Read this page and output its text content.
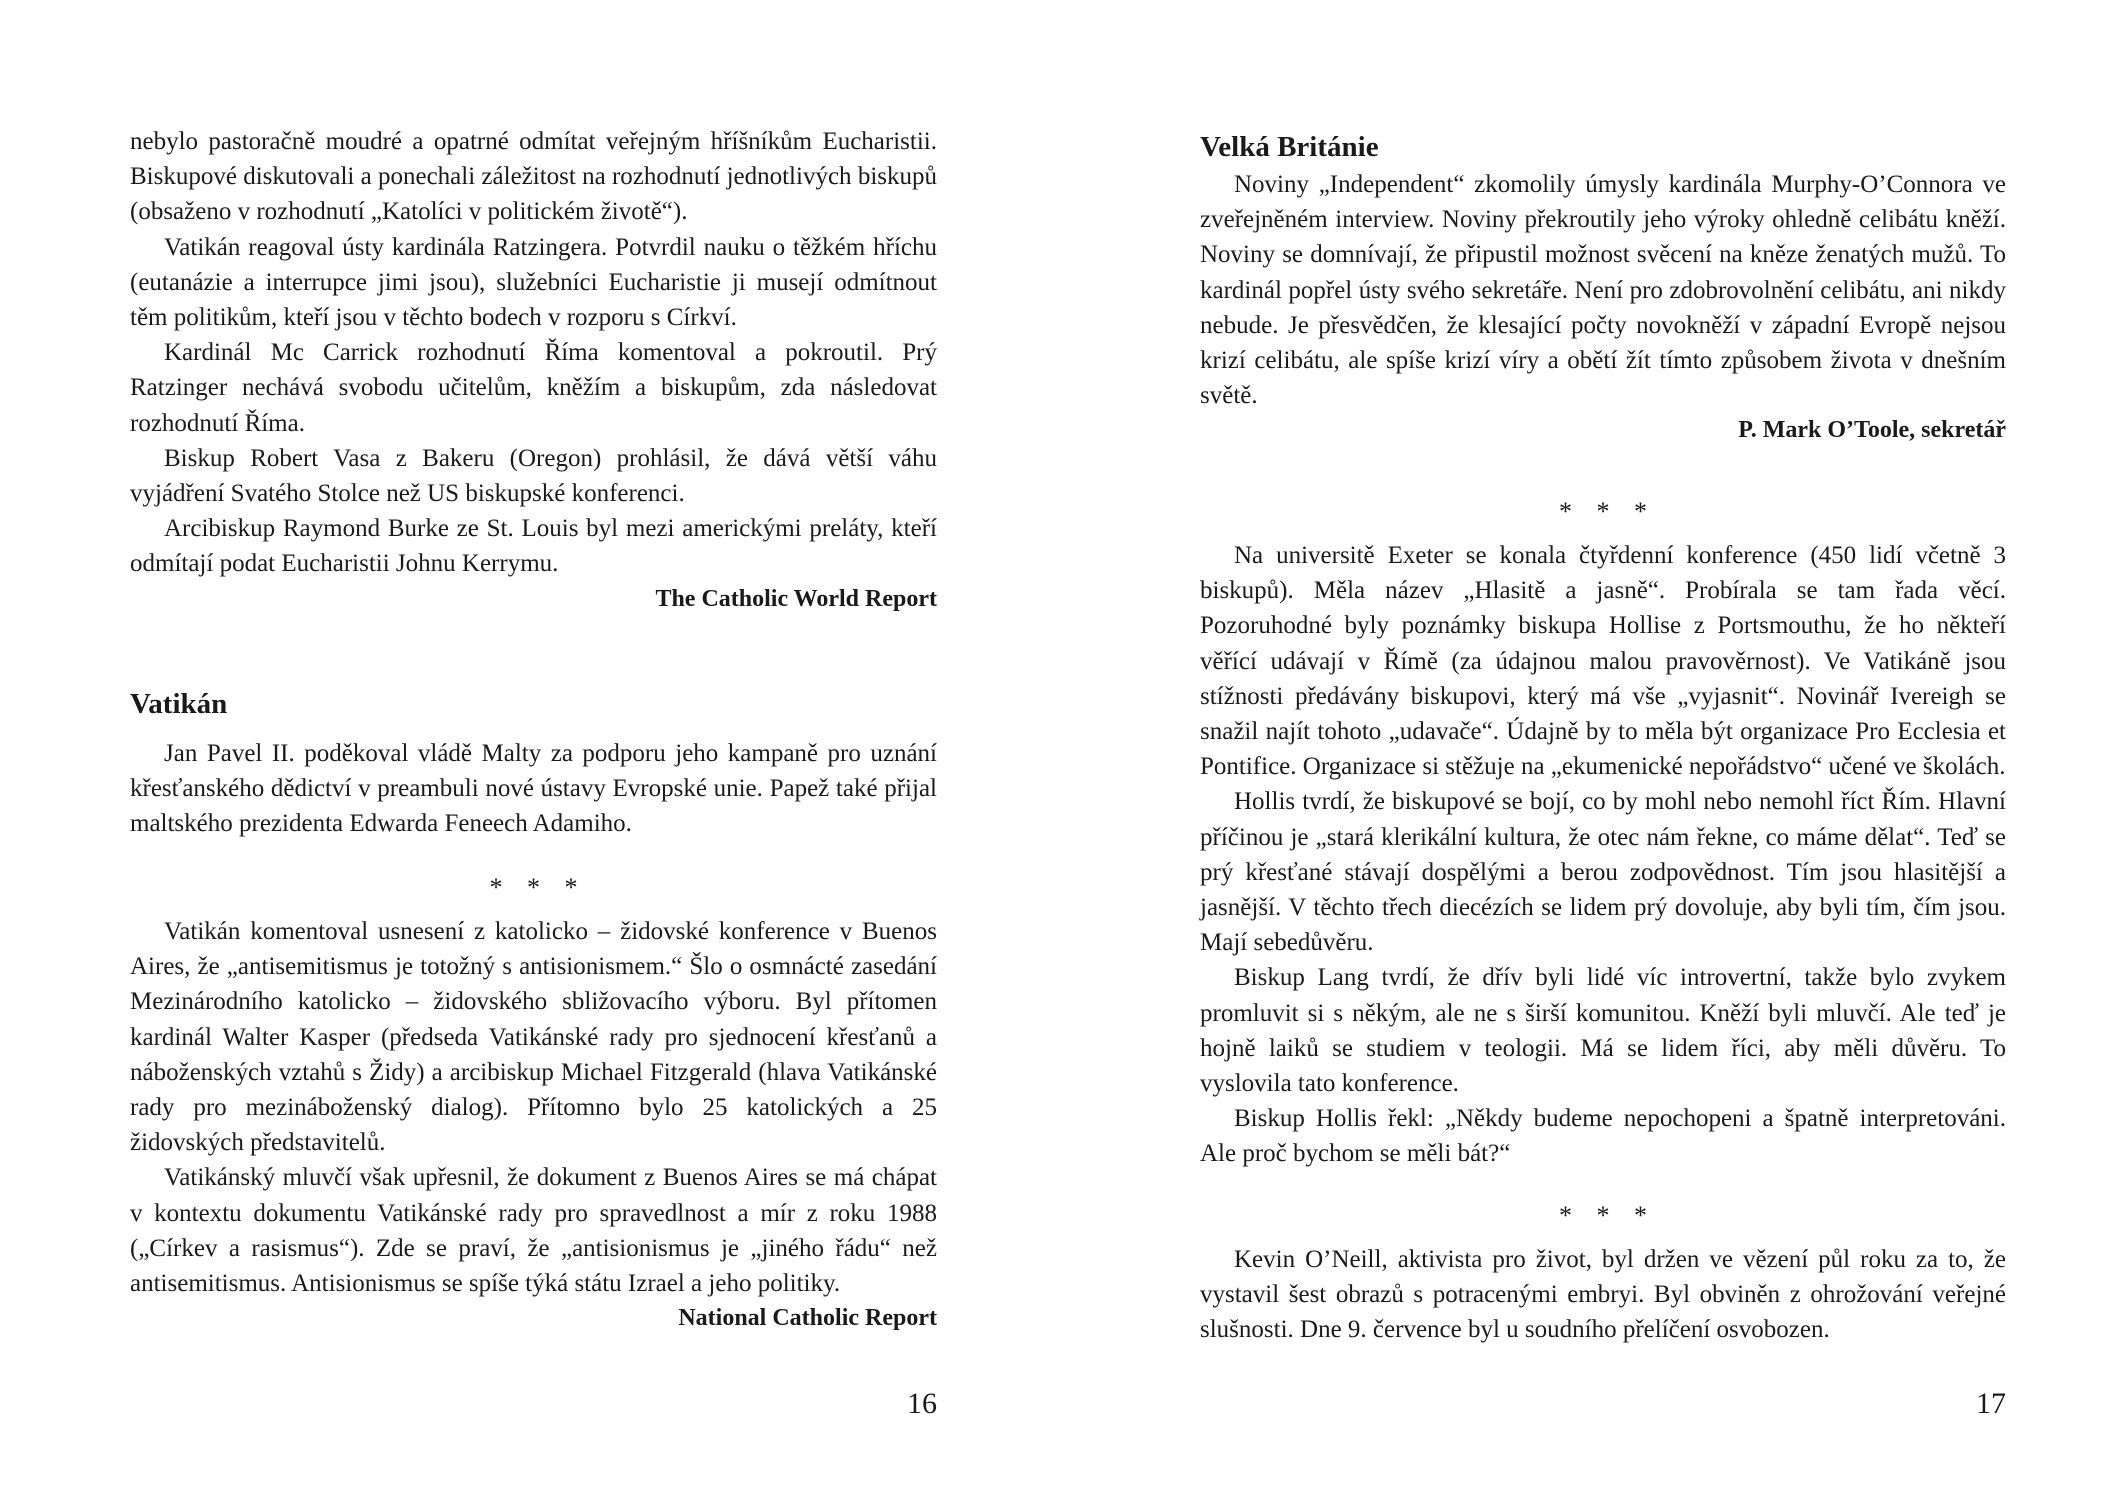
nebylo pastoračně moudré a opatrné odmítat veřejným hříšníkům Eucharistii. Biskupové diskutovali a ponechali záležitost na rozhodnutí jednotlivých biskupů (obsaženo v rozhodnutí „Katolíci v politickém životě“).

Vatikán reagoval ústy kardinála Ratzingera. Potvrdil nauku o těžkém hříchu (eutanázie a interrupce jimi jsou), služebníci Eucharistie ji musejí odmítnout těm politikům, kteří jsou v těchto bodech v rozporu s Církví.

Kardinál Mc Carrick rozhodnutí Říma komentoval a pokroutil. Prý Ratzinger nechává svobodu učitelům, kněžím a biskupům, zda následovat rozhodnutí Říma.

Biskup Robert Vasa z Bakeru (Oregon) prohlásil, že dává větší váhu vyjádření Svatého Stolce než US biskupské konferenci.

Arcibiskup Raymond Burke ze St. Louis byl mezi americkými preláty, kteří odmítají podat Eucharistii Johnu Kerrymu.

The Catholic World Report

Vatikán

Jan Pavel II. poděkoval vládě Malty za podporu jeho kampaně pro uznání křesťanského dědictví v preambuli nové ústavy Evropské unie. Papež také přijal maltského prezidenta Edwarda Feneech Adamiho.

* * *

Vatikán komentoval usnesení z katolicko – židovské konference v Buenos Aires, že „antisemitismus je totožný s antisionismem.“ Šlo o osmnácté zasedání Mezinárodního katolicko – židovského sbližovacího výboru. Byl přítomen kardinál Walter Kasper (předseda Vatikánské rady pro sjednocení křesťanů a náboženských vztahů s Židy) a arcibiskup Michael Fitzgerald (hlava Vatikánské rady pro mezináboženský dialog). Přítomno bylo 25 katolických a 25 židovských představitelů.

Vatikánský mluvčí však upřesnil, že dokument z Buenos Aires se má chápat v kontextu dokumentu Vatikánské rady pro spravedlnost a mír z roku 1988 („Církev a rasismus“). Zde se praví, že „antisionismus je „jiného řádu“ než antisemitismus. Antisionismus se spíše týká státu Izrael a jeho politiky.

National Catholic Report

16
Velká Británie

Noviny „Independent“ zkomolily úmysly kardinála Murphy-O’Connora ve zveřejněném interview. Noviny překroutily jeho výroky ohledně celibátu kněží. Noviny se domnívají, že připustil možnost svěcení na kněze ženatých mužů. To kardinál popřel ústy svého sekretáře. Není pro zdobrovolnění celibátu, ani nikdy nebude. Je přesvědčen, že klesající počty novokněží v západní Evropě nejsou krizí celibátu, ale spíše krizí víry a obětí žít tímto způsobem života v dnešním světě.

P. Mark O’Toole, sekretář

* * *

Na universitě Exeter se konala čtyřdenní konference (450 lidí včetně 3 biskupů). Měla název „Hlasitě a jasně“. Probírala se tam řada věcí. Pozoruhodné byly poznámky biskupa Hollise z Portsmouthu, že ho někteří věřící udávají v Římě (za údajnou malou pravověrnost). Ve Vatikáně jsou stížnosti předávány biskupovi, který má vše „vyjasnit“. Novinář Ivereigh se snažil najít tohoto „udavače“. Údajně by to měla být organizace Pro Ecclesia et Pontifice. Organizace si stěžuje na „ekumenické nepořádstvo“ učené ve školách.

Hollis tvrdí, že biskupové se bojí, co by mohl nebo nemohl říct Řím. Hlavní příčinou je „stará klerikální kultura, že otec nám řekne, co máme dělat“. Teď se prý křesťané stávají dospělými a berou zodpovědnost. Tím jsou hlasitější a jasnější. V těchto třech diecézích se lidem prý dovoluje, aby byli tím, čím jsou. Mají sebedůvěru.

Biskup Lang tvrdí, že dřív byli lidé víc introvertní, takže bylo zvykem promluvit si s někým, ale ne s širší komunitou. Kněží byli mluvčí. Ale teď je hojně laiků se studiem v teologii. Má se lidem říci, aby měli důvěru. To vyslovila tato konference.

Biskup Hollis řekl: „Někdy budeme nepochopeni a špatně interpretováni. Ale proč bychom se měli bát?“

* * *

Kevin O’Neill, aktivista pro život, byl držen ve vězení půl roku za to, že vystavil šest obrazů s potracenými embryi. Byl obviněn z ohrožování veřejné slušnosti. Dne 9. července byl u soudního přelíčení osvobozen.

17
